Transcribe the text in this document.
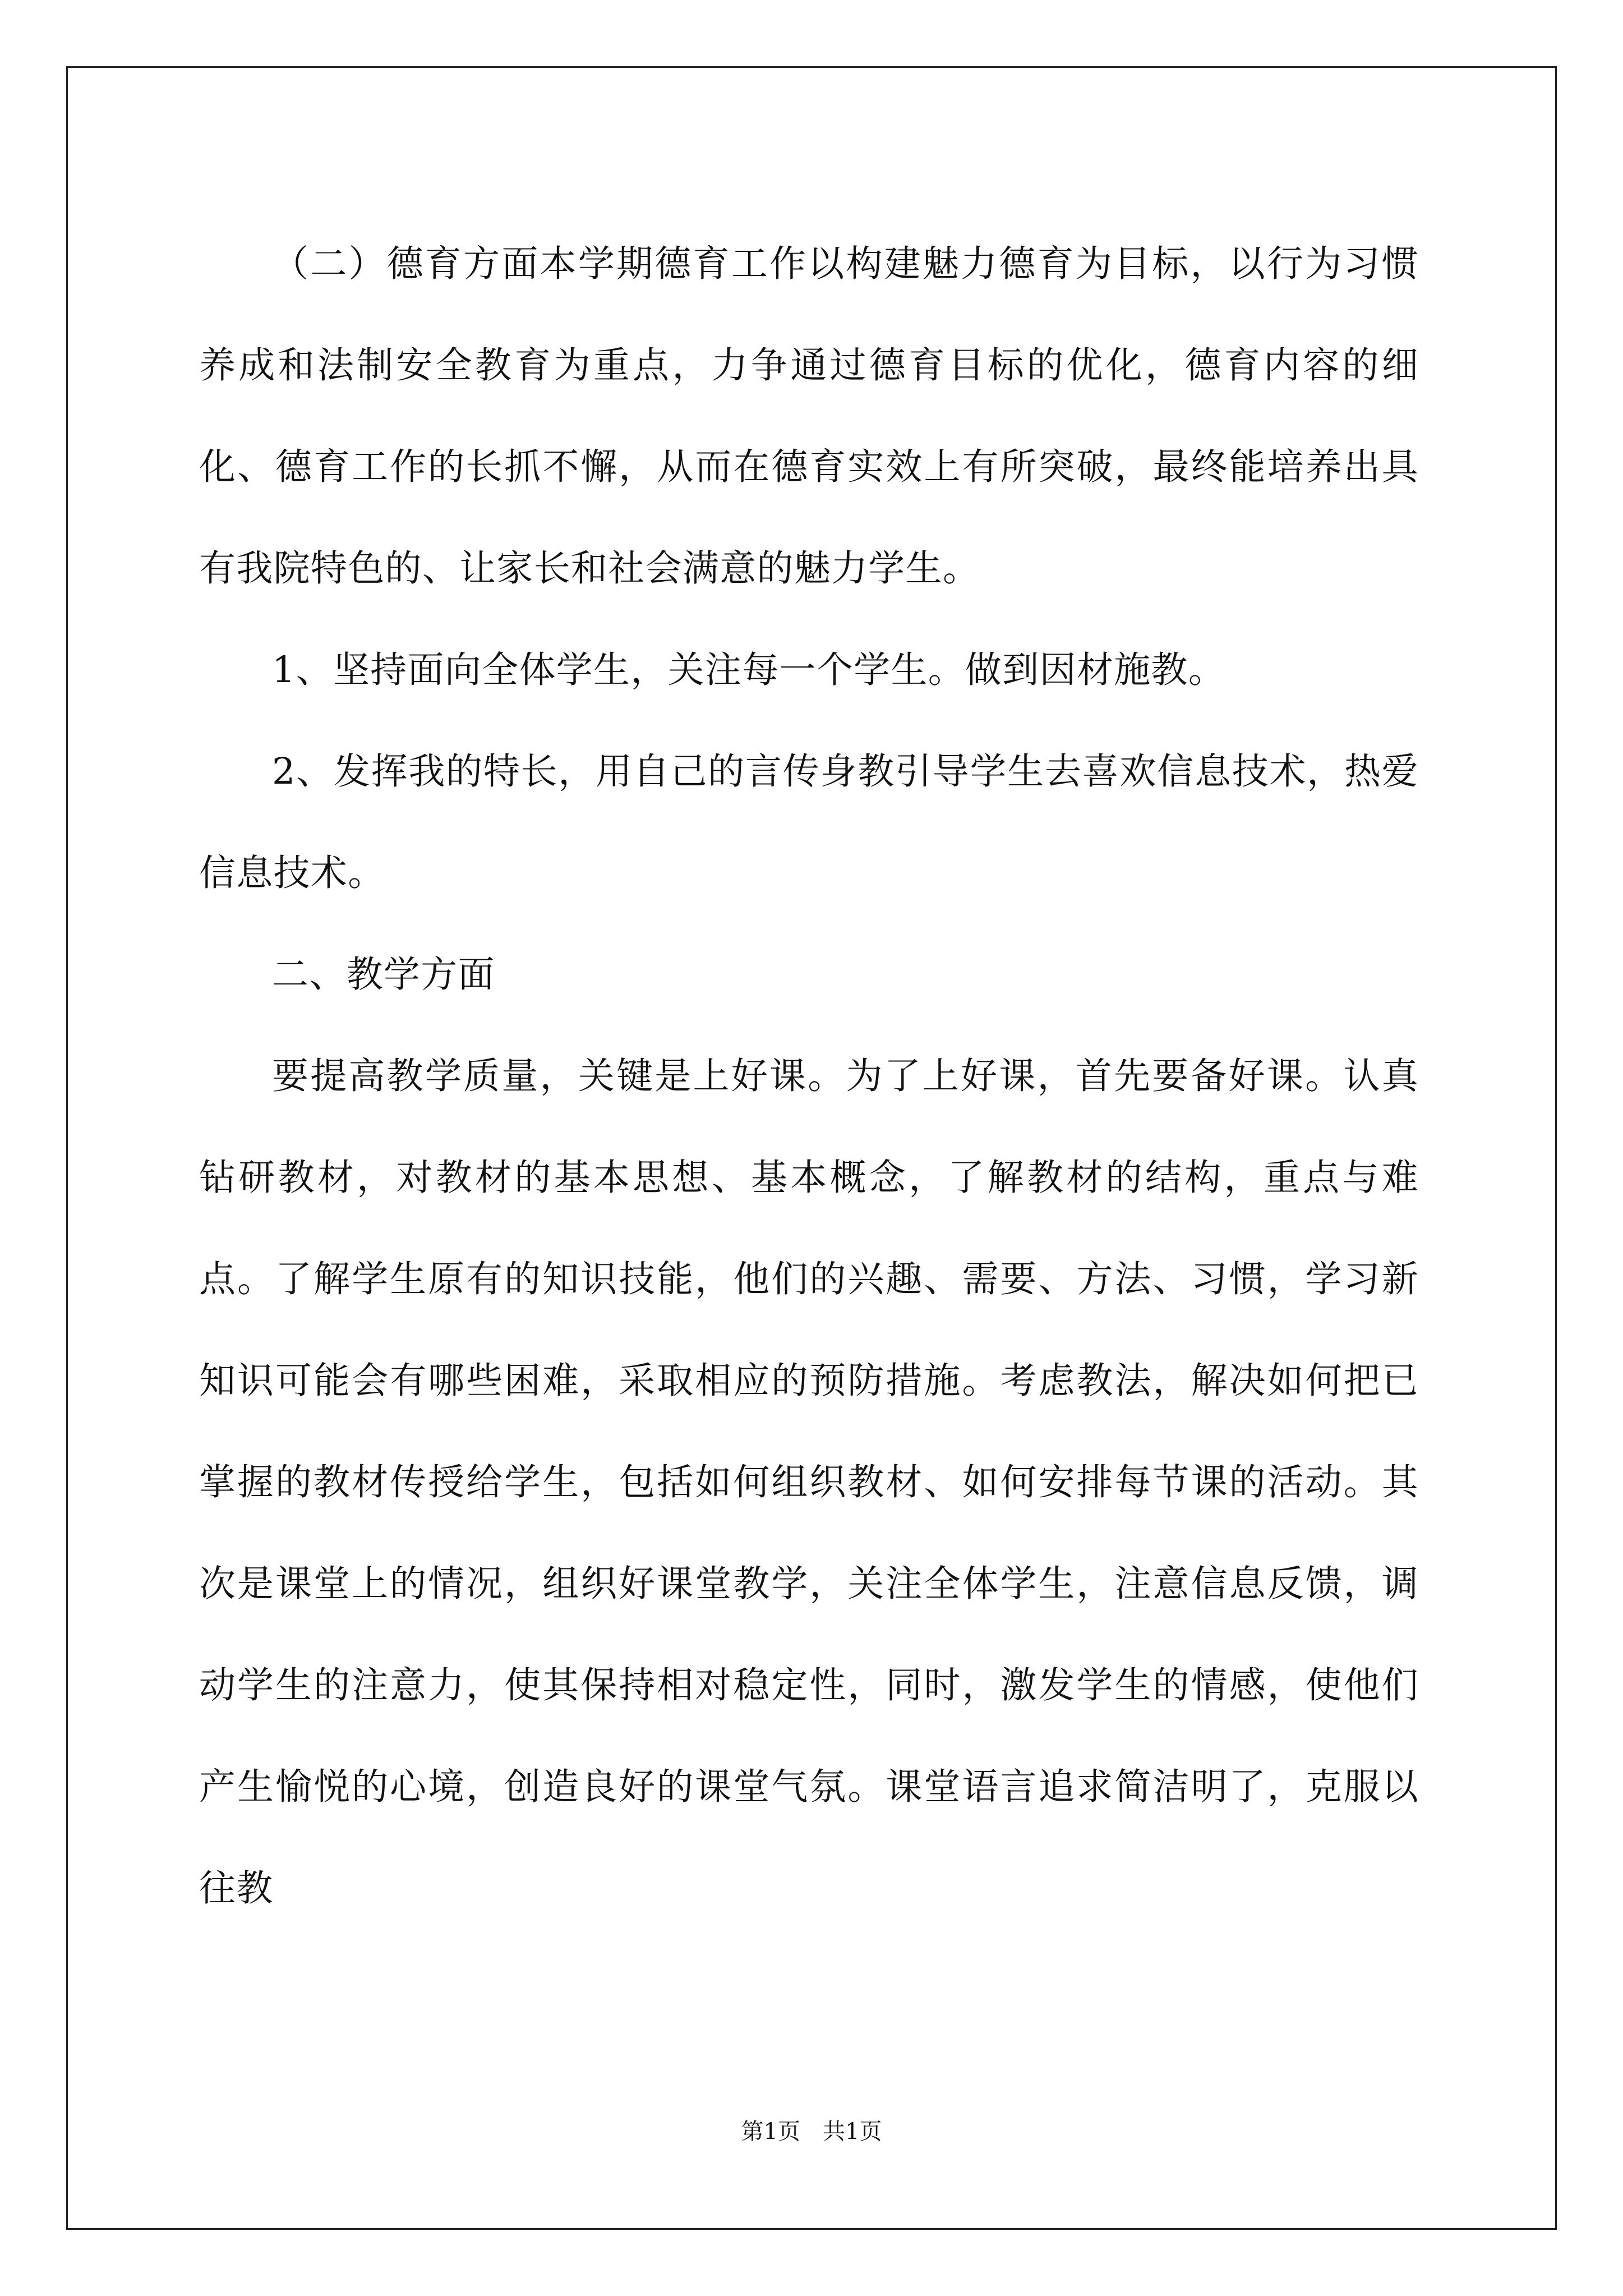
（二）德育方面本学期德育工作以构建魅力德育为目标，以行为习惯养成和法制安全教育为重点，力争通过德育目标的优化，德育内容的细化、德育工作的长抓不懈，从而在德育实效上有所突破，最终能培养出具有我院特色的、让家长和社会满意的魅力学生。

1、坚持面向全体学生，关注每一个学生。做到因材施教。

2、发挥我的特长，用自己的言传身教引导学生去喜欢信息技术，热爱信息技术。

二、教学方面

要提高教学质量，关键是上好课。为了上好课，首先要备好课。认真钻研教材，对教材的基本思想、基本概念，了解教材的结构，重点与难点。了解学生原有的知识技能，他们的兴趣、需要、方法、习惯，学习新知识可能会有哪些困难，采取相应的预防措施。考虑教法，解决如何把已掌握的教材传授给学生，包括如何组织教材、如何安排每节课的活动。其次是课堂上的情况，组织好课堂教学，关注全体学生，注意信息反馈，调动学生的注意力，使其保持相对稳定性，同时，激发学生的情感，使他们产生愉悦的心境，创造良好的课堂气氛。课堂语言追求简洁明了，克服以往教

第1页　共1页
